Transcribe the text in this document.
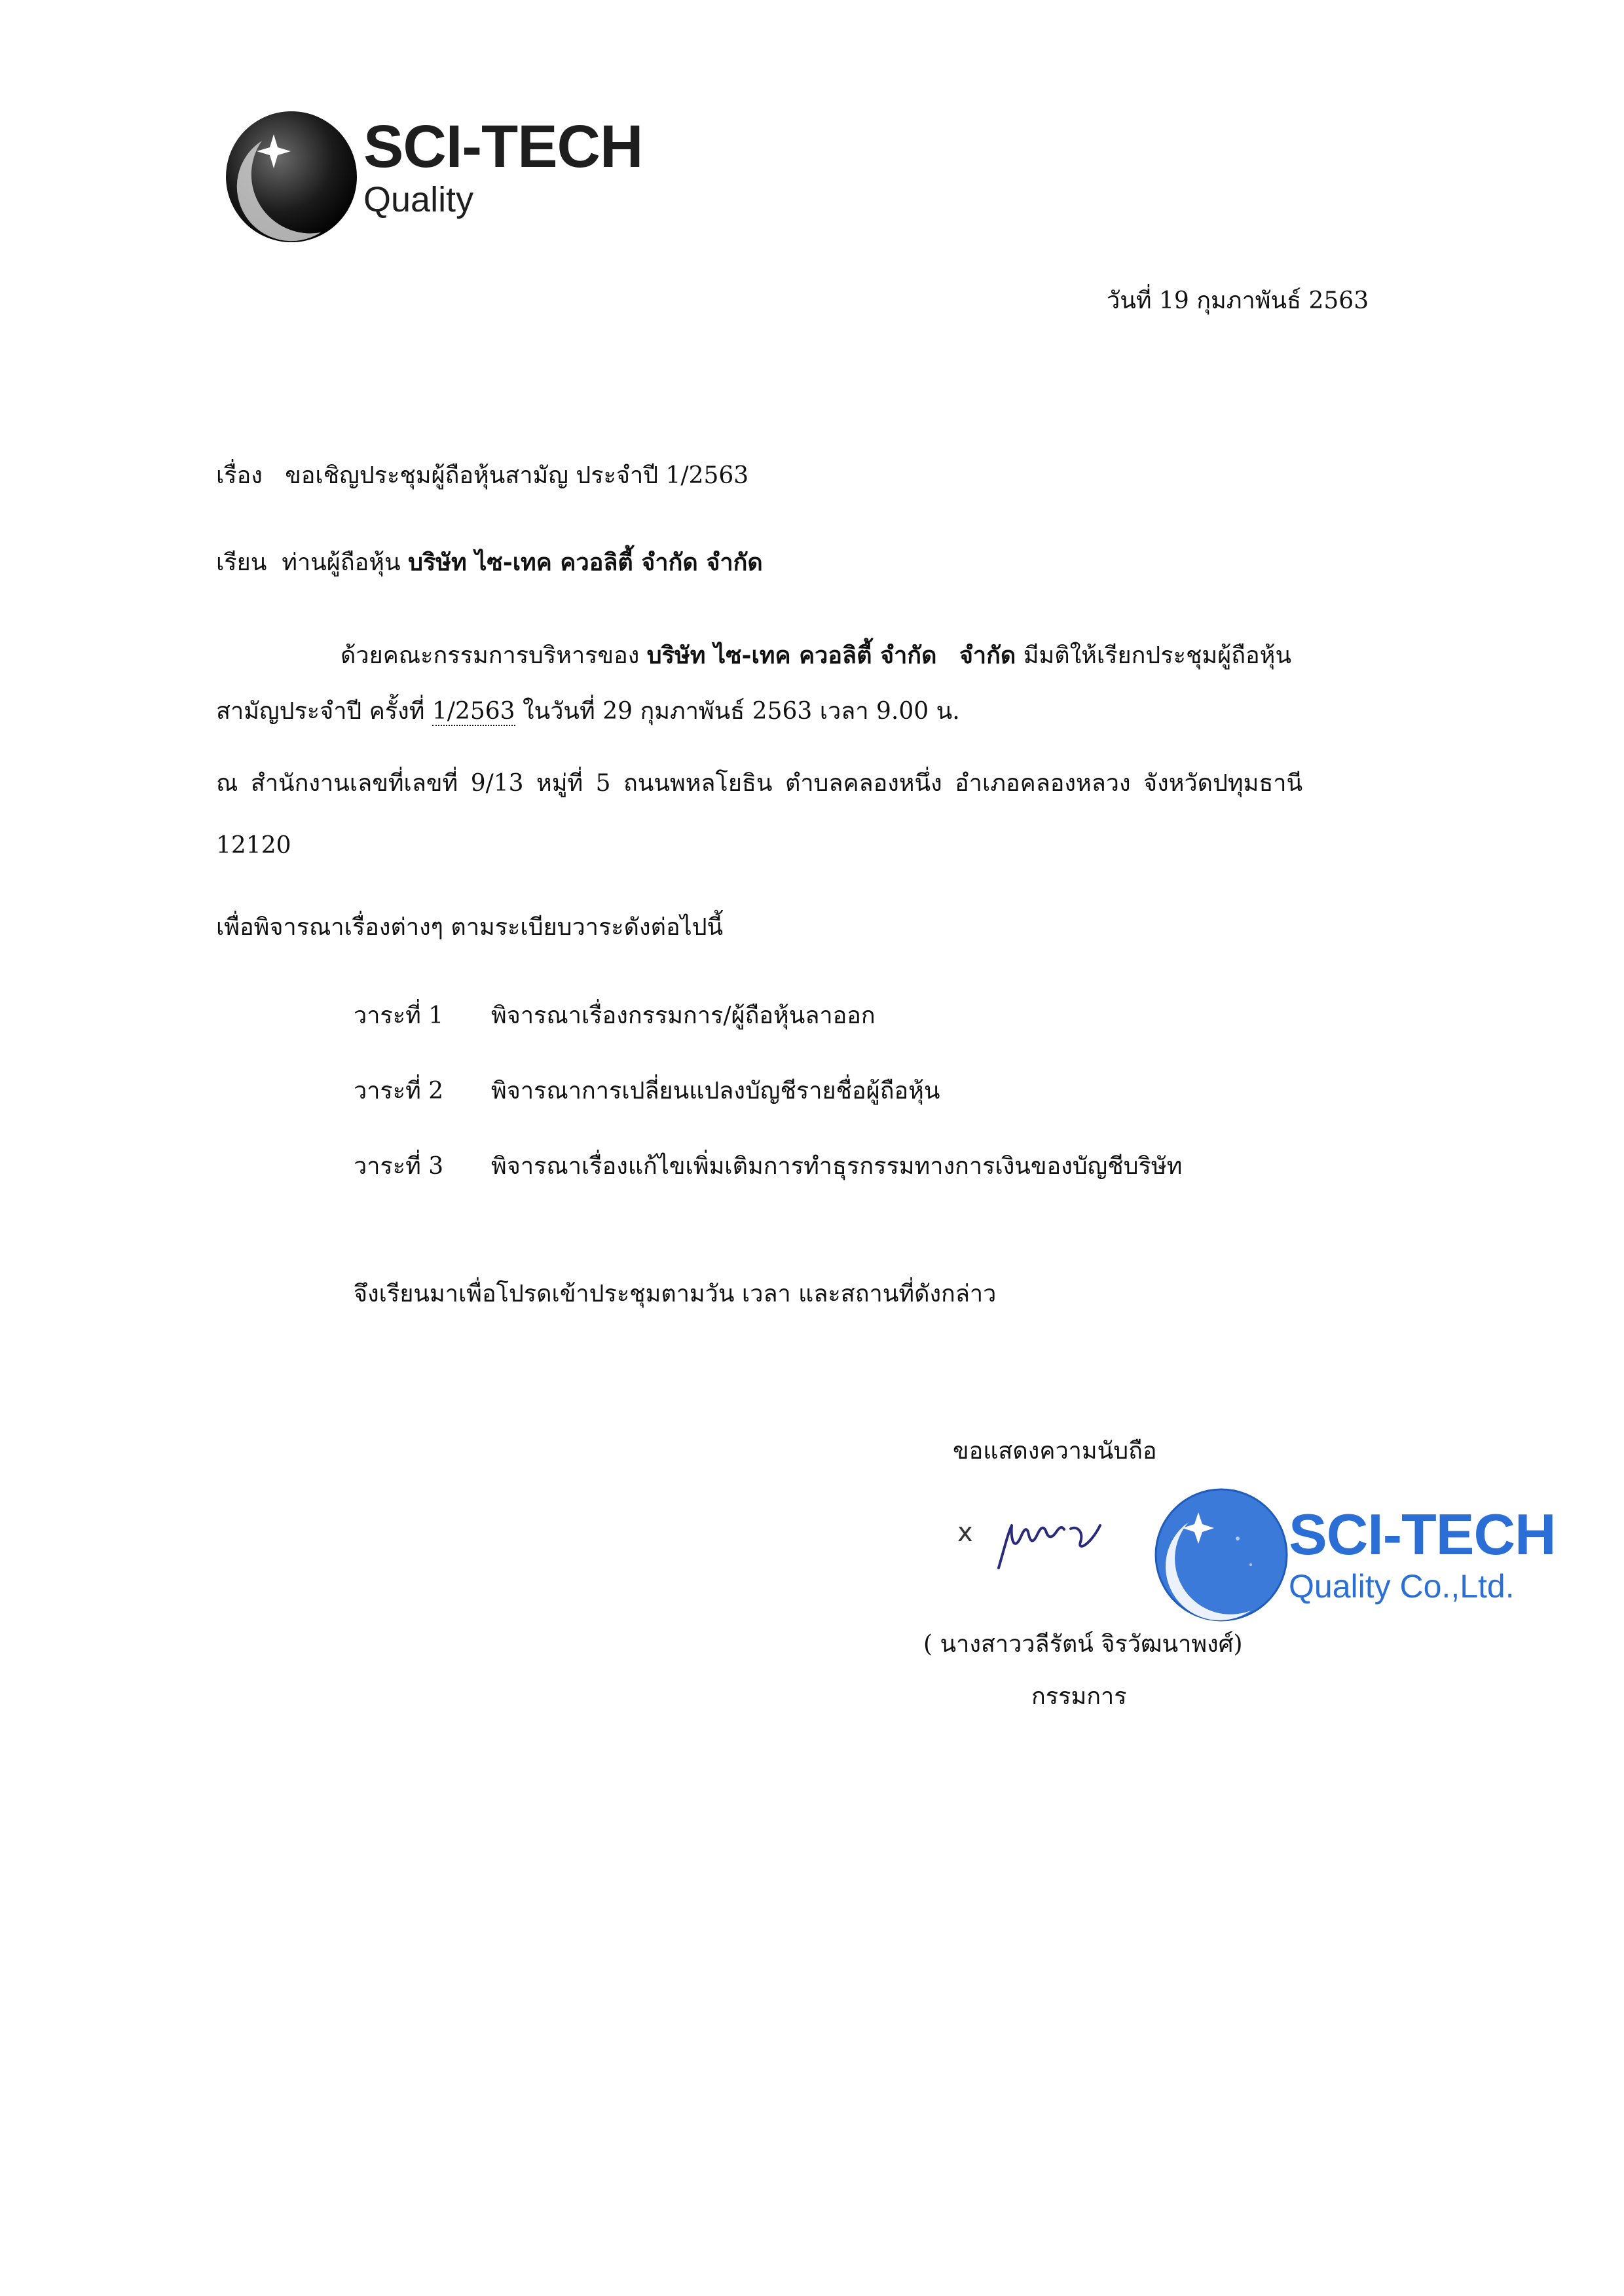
SCI-TECH
Quality
วันที่ 19 กุมภาพันธ์ 2563
เรื่อง ขอเชิญประชุมผู้ถือหุ้นสามัญ ประจำปี 1/2563
เรียน ท่านผู้ถือหุ้น บริษัท ไซ-เทค ควอลิตี้ จำกัด จำกัด
ด้วยคณะกรรมการบริหารของ บริษัท ไซ-เทค ควอลิตี้ จำกัด จำกัด มีมติให้เรียกประชุมผู้ถือหุ้น
สามัญประจำปี ครั้งที่ 1/2563 ในวันที่ 29 กุมภาพันธ์ 2563 เวลา 9.00 น.
ณ สำนักงานเลขที่เลขที่ 9/13 หมู่ที่ 5 ถนนพหลโยธิน ตำบลคลองหนึ่ง อำเภอคลองหลวง จังหวัดปทุมธานี
12120
เพื่อพิจารณาเรื่องต่างๆ ตามระเบียบวาระดังต่อไปนี้
วาระที่ 1 พิจารณาเรื่องกรรมการ/ผู้ถือหุ้นลาออก
วาระที่ 2 พิจารณาการเปลี่ยนแปลงบัญชีรายชื่อผู้ถือหุ้น
วาระที่ 3 พิจารณาเรื่องแก้ไขเพิ่มเติมการทำธุรกรรมทางการเงินของบัญชีบริษัท
จึงเรียนมาเพื่อโปรดเข้าประชุมตามวัน เวลา และสถานที่ดังกล่าว
ขอแสดงความนับถือ
x	SCI-TECH
Quality Co.,Ltd.
( นางสาววลีรัตน์ จิรวัฒนาพงศ์)
กรรมการ
